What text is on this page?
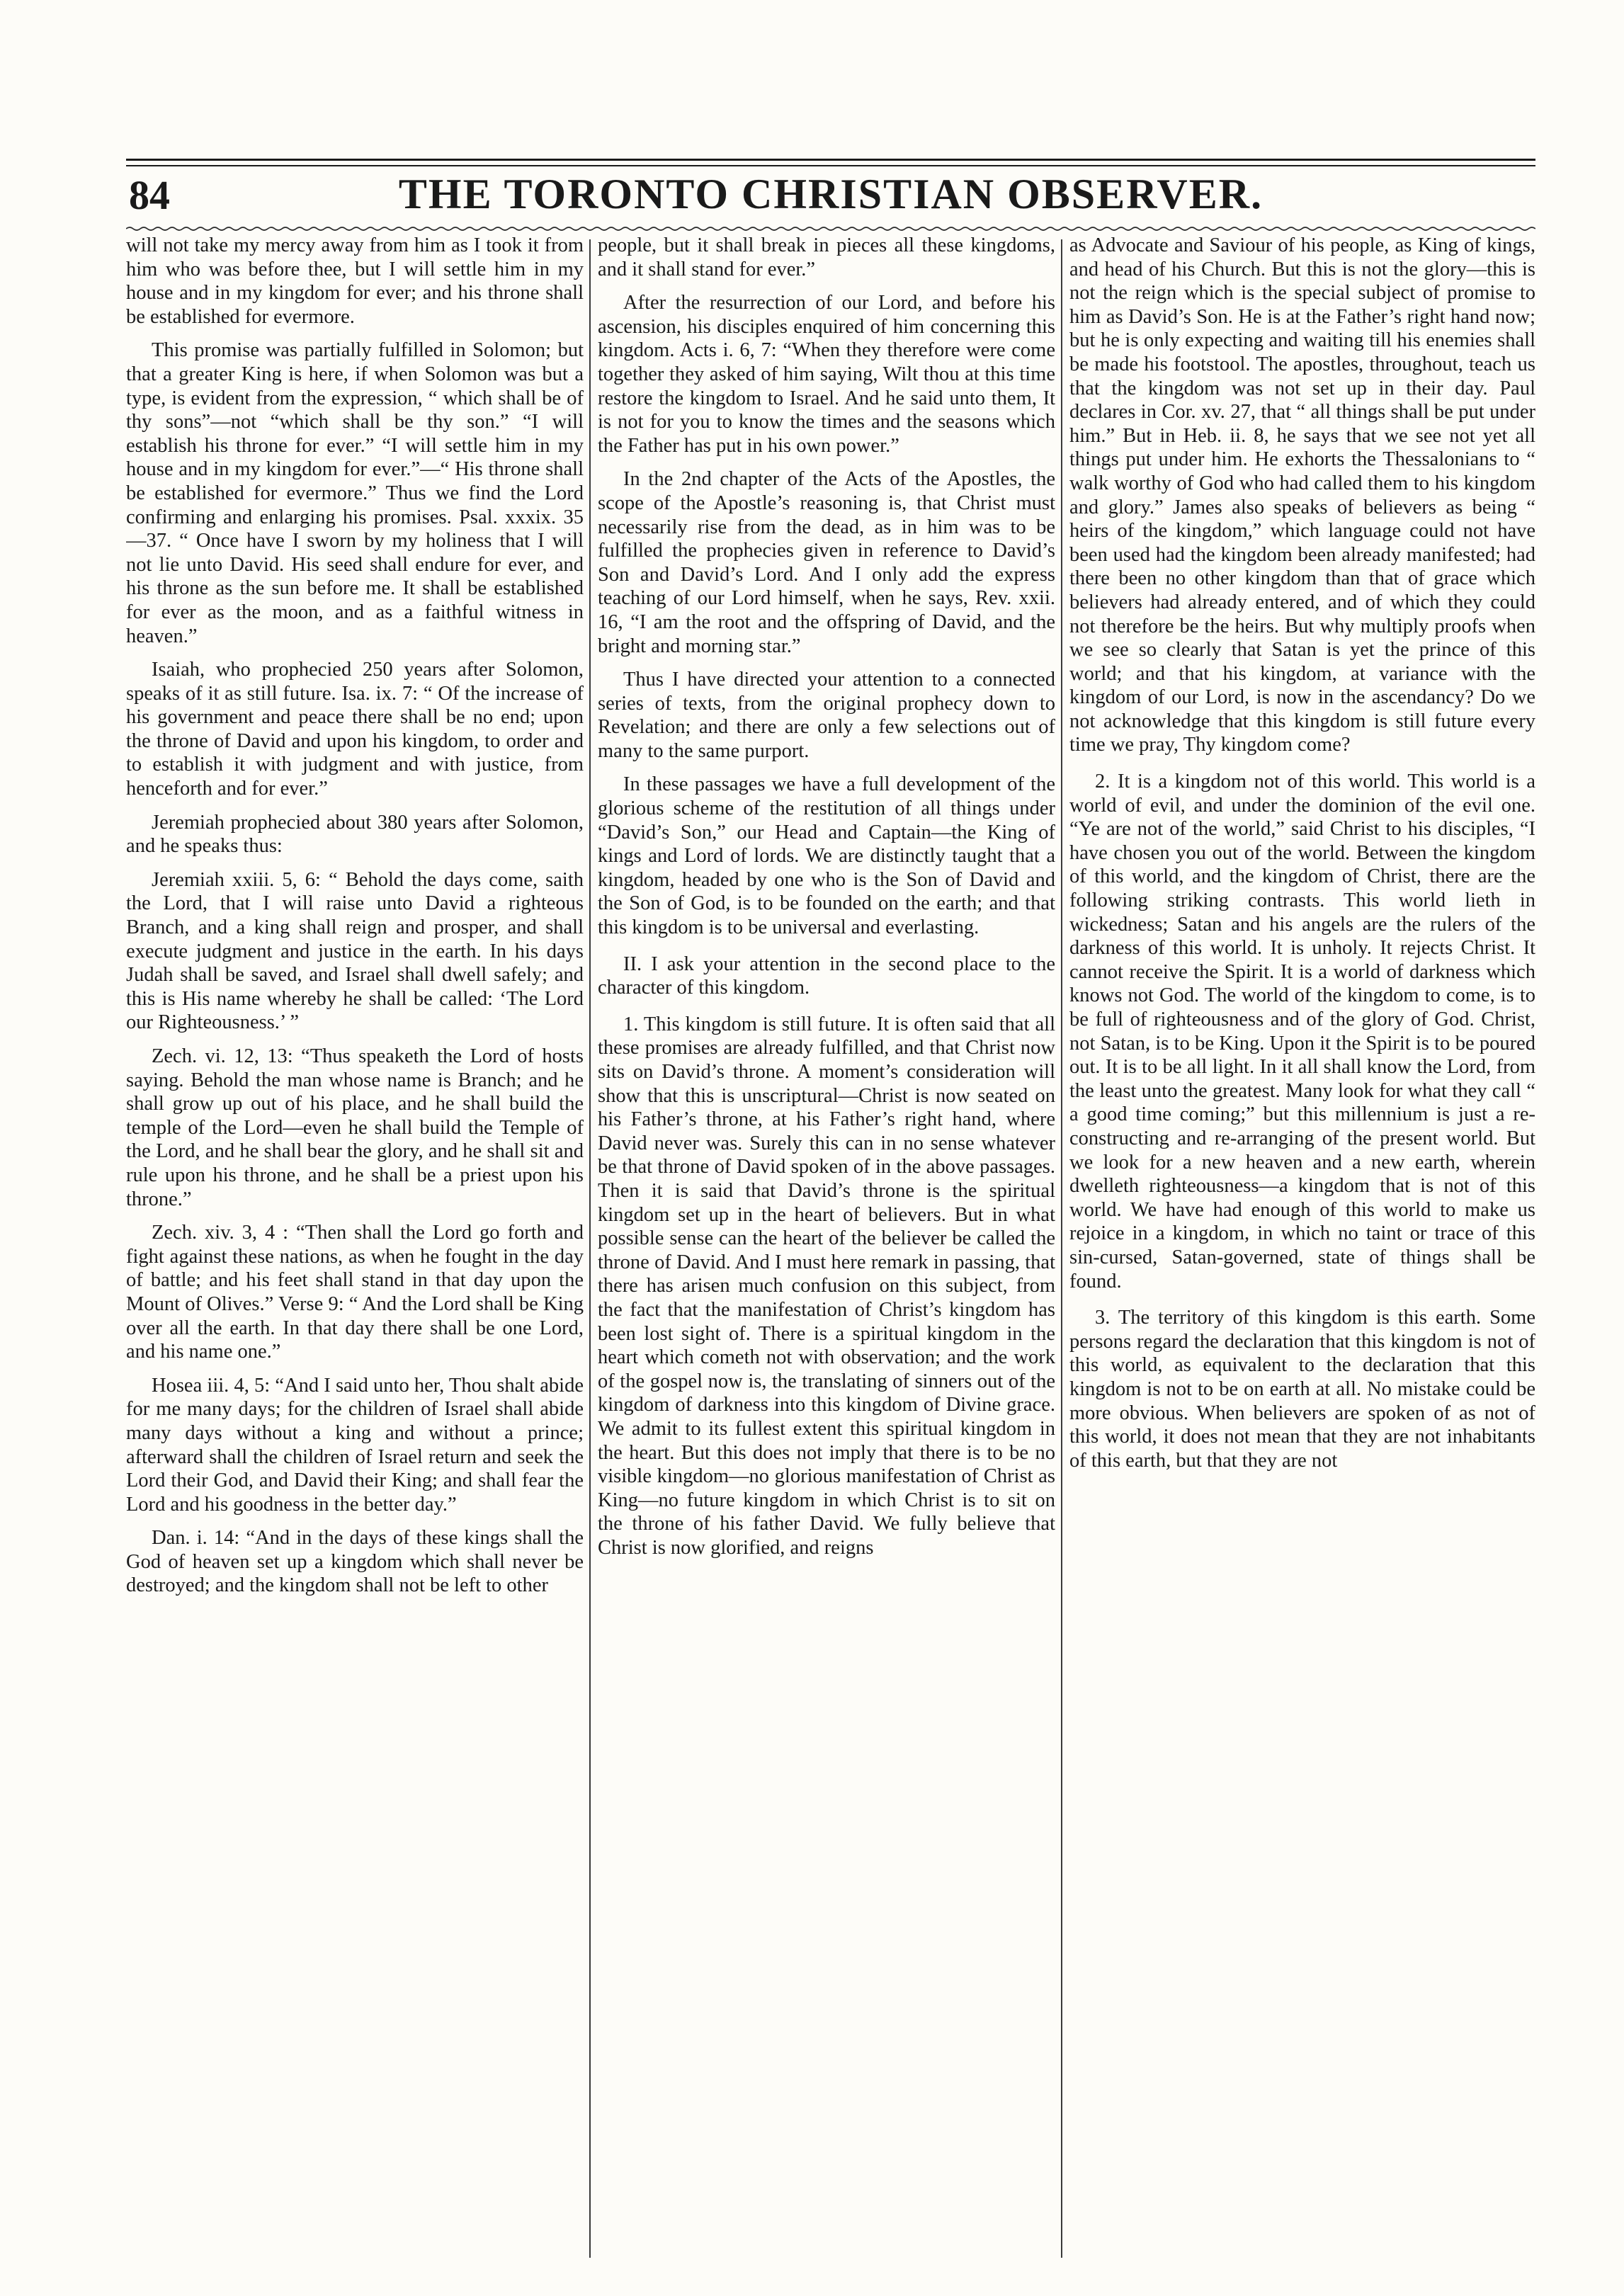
84	THE TORONTO CHRISTIAN OBSERVER.

will not take my mercy away from him as I took it from him who was before thee, but I will settle him in my house and in my kingdom for ever; and his throne shall be established for evermore.

This promise was partially fulfilled in Solomon; but that a greater King is here, if when Solomon was but a type, is evident from the expression, “ which shall be of thy sons”—not “which shall be thy son.” “I will establish his throne for ever.” “I will settle him in my house and in my kingdom for ever.”—“ His throne shall be established for evermore.” Thus we find the Lord confirming and enlarging his promises. Psal. xxxix. 35—37. “ Once have I sworn by my holiness that I will not lie unto David. His seed shall endure for ever, and his throne as the sun before me. It shall be established for ever as the moon, and as a faithful witness in heaven.”

Isaiah, who prophecied 250 years after Solomon, speaks of it as still future. Isa. ix. 7: “ Of the increase of his government and peace there shall be no end; upon the throne of David and upon his kingdom, to order and to establish it with judgment and with justice, from henceforth and for ever.”

Jeremiah prophecied about 380 years after Solomon, and he speaks thus:

Jeremiah xxiii. 5, 6: “ Behold the days come, saith the Lord, that I will raise unto David a righteous Branch, and a king shall reign and prosper, and shall execute judgment and justice in the earth. In his days Judah shall be saved, and Israel shall dwell safely; and this is His name whereby he shall be called: ‘The Lord our Righteousness.’ ”

Zech. vi. 12, 13: “Thus speaketh the Lord of hosts saying. Behold the man whose name is Branch; and he shall grow up out of his place, and he shall build the temple of the Lord—even he shall build the Temple of the Lord, and he shall bear the glory, and he shall sit and rule upon his throne, and he shall be a priest upon his throne.”

Zech. xiv. 3, 4 : “Then shall the Lord go forth and fight against these nations, as when he fought in the day of battle; and his feet shall stand in that day upon the Mount of Olives.” Verse 9: “ And the Lord shall be King over all the earth. In that day there shall be one Lord, and his name one.”

Hosea iii. 4, 5: “And I said unto her, Thou shalt abide for me many days; for the children of Israel shall abide many days without a king and without a prince; afterward shall the children of Israel return and seek the Lord their God, and David their King; and shall fear the Lord and his goodness in the better day.”

Dan. i. 14: “And in the days of these kings shall the God of heaven set up a kingdom which shall never be destroyed; and the kingdom shall not be left to other

people, but it shall break in pieces all these kingdoms, and it shall stand for ever.”

After the resurrection of our Lord, and before his ascension, his disciples enquired of him concerning this kingdom. Acts i. 6, 7: “When they therefore were come together they asked of him saying, Wilt thou at this time restore the kingdom to Israel. And he said unto them, It is not for you to know the times and the seasons which the Father has put in his own power.”

In the 2nd chapter of the Acts of the Apostles, the scope of the Apostle’s reasoning is, that Christ must necessarily rise from the dead, as in him was to be fulfilled the prophecies given in reference to David’s Son and David’s Lord. And I only add the express teaching of our Lord himself, when he says, Rev. xxii. 16, “I am the root and the offspring of David, and the bright and morning star.”

Thus I have directed your attention to a connected series of texts, from the original prophecy down to Revelation; and there are only a few selections out of many to the same purport.

In these passages we have a full development of the glorious scheme of the restitution of all things under “David’s Son,” our Head and Captain—the King of kings and Lord of lords. We are distinctly taught that a kingdom, headed by one who is the Son of David and the Son of God, is to be founded on the earth; and that this kingdom is to be universal and everlasting.

II. I ask your attention in the second place to the character of this kingdom.

1. This kingdom is still future. It is often said that all these promises are already fulfilled, and that Christ now sits on David’s throne. A moment’s consideration will show that this is unscriptural—Christ is now seated on his Father’s throne, at his Father’s right hand, where David never was. Surely this can in no sense whatever be that throne of David spoken of in the above passages. Then it is said that David’s throne is the spiritual kingdom set up in the heart of believers. But in what possible sense can the heart of the believer be called the throne of David. And I must here remark in passing, that there has arisen much confusion on this subject, from the fact that the manifestation of Christ’s kingdom has been lost sight of. There is a spiritual kingdom in the heart which cometh not with observation; and the work of the gospel now is, the translating of sinners out of the kingdom of darkness into this kingdom of Divine grace. We admit to its fullest extent this spiritual kingdom in the heart. But this does not imply that there is to be no visible kingdom—no glorious manifestation of Christ as King—no future kingdom in which Christ is to sit on the throne of his father David. We fully believe that Christ is now glorified, and reigns

as Advocate and Saviour of his people, as King of kings, and head of his Church. But this is not the glory—this is not the reign which is the special subject of promise to him as David’s Son. He is at the Father’s right hand now; but he is only expecting and waiting till his enemies shall be made his footstool. The apostles, throughout, teach us that the kingdom was not set up in their day. Paul declares in Cor. xv. 27, that “ all things shall be put under him.” But in Heb. ii. 8, he says that we see not yet all things put under him. He exhorts the Thessalonians to “ walk worthy of God who had called them to his kingdom and glory.” James also speaks of believers as being “ heirs of the kingdom,” which language could not have been used had the kingdom been already manifested; had there been no other kingdom than that of grace which believers had already entered, and of which they could not therefore be the heirs. But why multiply proofs when we see so clearly that Satan is yet the prince of this world; and that his kingdom, at variance with the kingdom of our Lord, is now in the ascendancy? Do we not acknowledge that this kingdom is still future every time we pray, Thy kingdom come?

2. It is a kingdom not of this world. This world is a world of evil, and under the dominion of the evil one. “Ye are not of the world,” said Christ to his disciples, “I have chosen you out of the world. Between the kingdom of this world, and the kingdom of Christ, there are the following striking contrasts. This world lieth in wickedness; Satan and his angels are the rulers of the darkness of this world. It is unholy. It rejects Christ. It cannot receive the Spirit. It is a world of darkness which knows not God. The world of the kingdom to come, is to be full of righteousness and of the glory of God. Christ, not Satan, is to be King. Upon it the Spirit is to be poured out. It is to be all light. In it all shall know the Lord, from the least unto the greatest. Many look for what they call “ a good time coming;” but this millennium is just a re-constructing and re-arranging of the present world. But we look for a new heaven and a new earth, wherein dwelleth righteousness—a kingdom that is not of this world. We have had enough of this world to make us rejoice in a kingdom, in which no taint or trace of this sin-cursed, Satan-governed, state of things shall be found.

3. The territory of this kingdom is this earth. Some persons regard the declaration that this kingdom is not of this world, as equivalent to the declaration that this kingdom is not to be on earth at all. No mistake could be more obvious. When believers are spoken of as not of this world, it does not mean that they are not inhabitants of this earth, but that they are not
